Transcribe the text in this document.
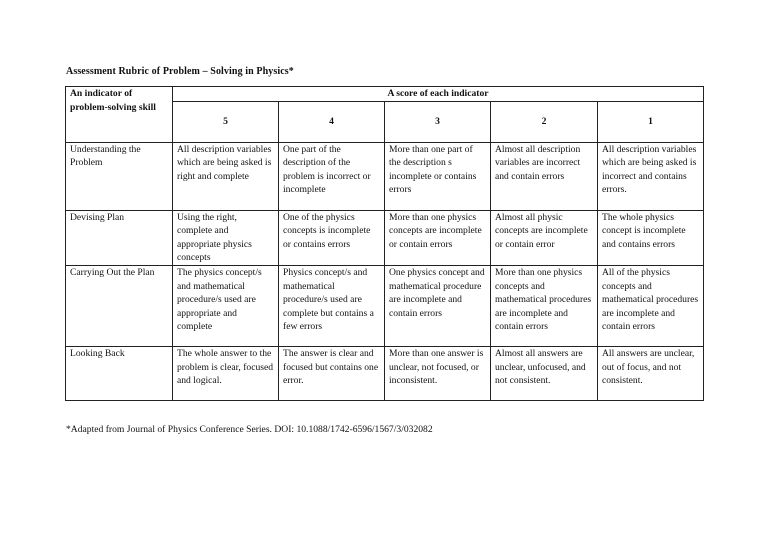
Assessment Rubric of Problem – Solving in Physics*
An indicator of problem-solving skill	A score of each indicator				
	5	4	3	2	1
Understanding the Problem	All description variables which are being asked is right and complete	One part of the description of the problem is incorrect or incomplete	More than one part of the description s incomplete or contains errors	Almost all description variables are incorrect and contain errors	All description variables which are being asked is incorrect and contains errors.
Devising Plan	Using the right, complete and appropriate physics concepts	One of the physics concepts is incomplete or contains errors	More than one physics concepts are incomplete or contain errors	Almost all physic concepts are incomplete or contain error	The whole physics concept is incomplete and contains errors
Carrying Out the Plan	The physics concept/s and mathematical procedure/s used are appropriate and complete	Physics concept/s and mathematical procedure/s used are complete but contains a few errors	One physics concept and mathematical procedure are incomplete and contain errors	More than one physics concepts and mathematical procedures are incomplete and contain errors	All of the physics concepts and mathematical procedures are incomplete and contain errors
Looking Back	The whole answer to the problem is clear, focused and logical.	The answer is clear and focused but contains one error.	More than one answer is unclear, not focused, or inconsistent.	Almost all answers are unclear, unfocused, and not consistent.	All answers are unclear, out of focus, and not consistent.
*Adapted from Journal of Physics Conference Series. DOI: 10.1088/1742-6596/1567/3/032082
